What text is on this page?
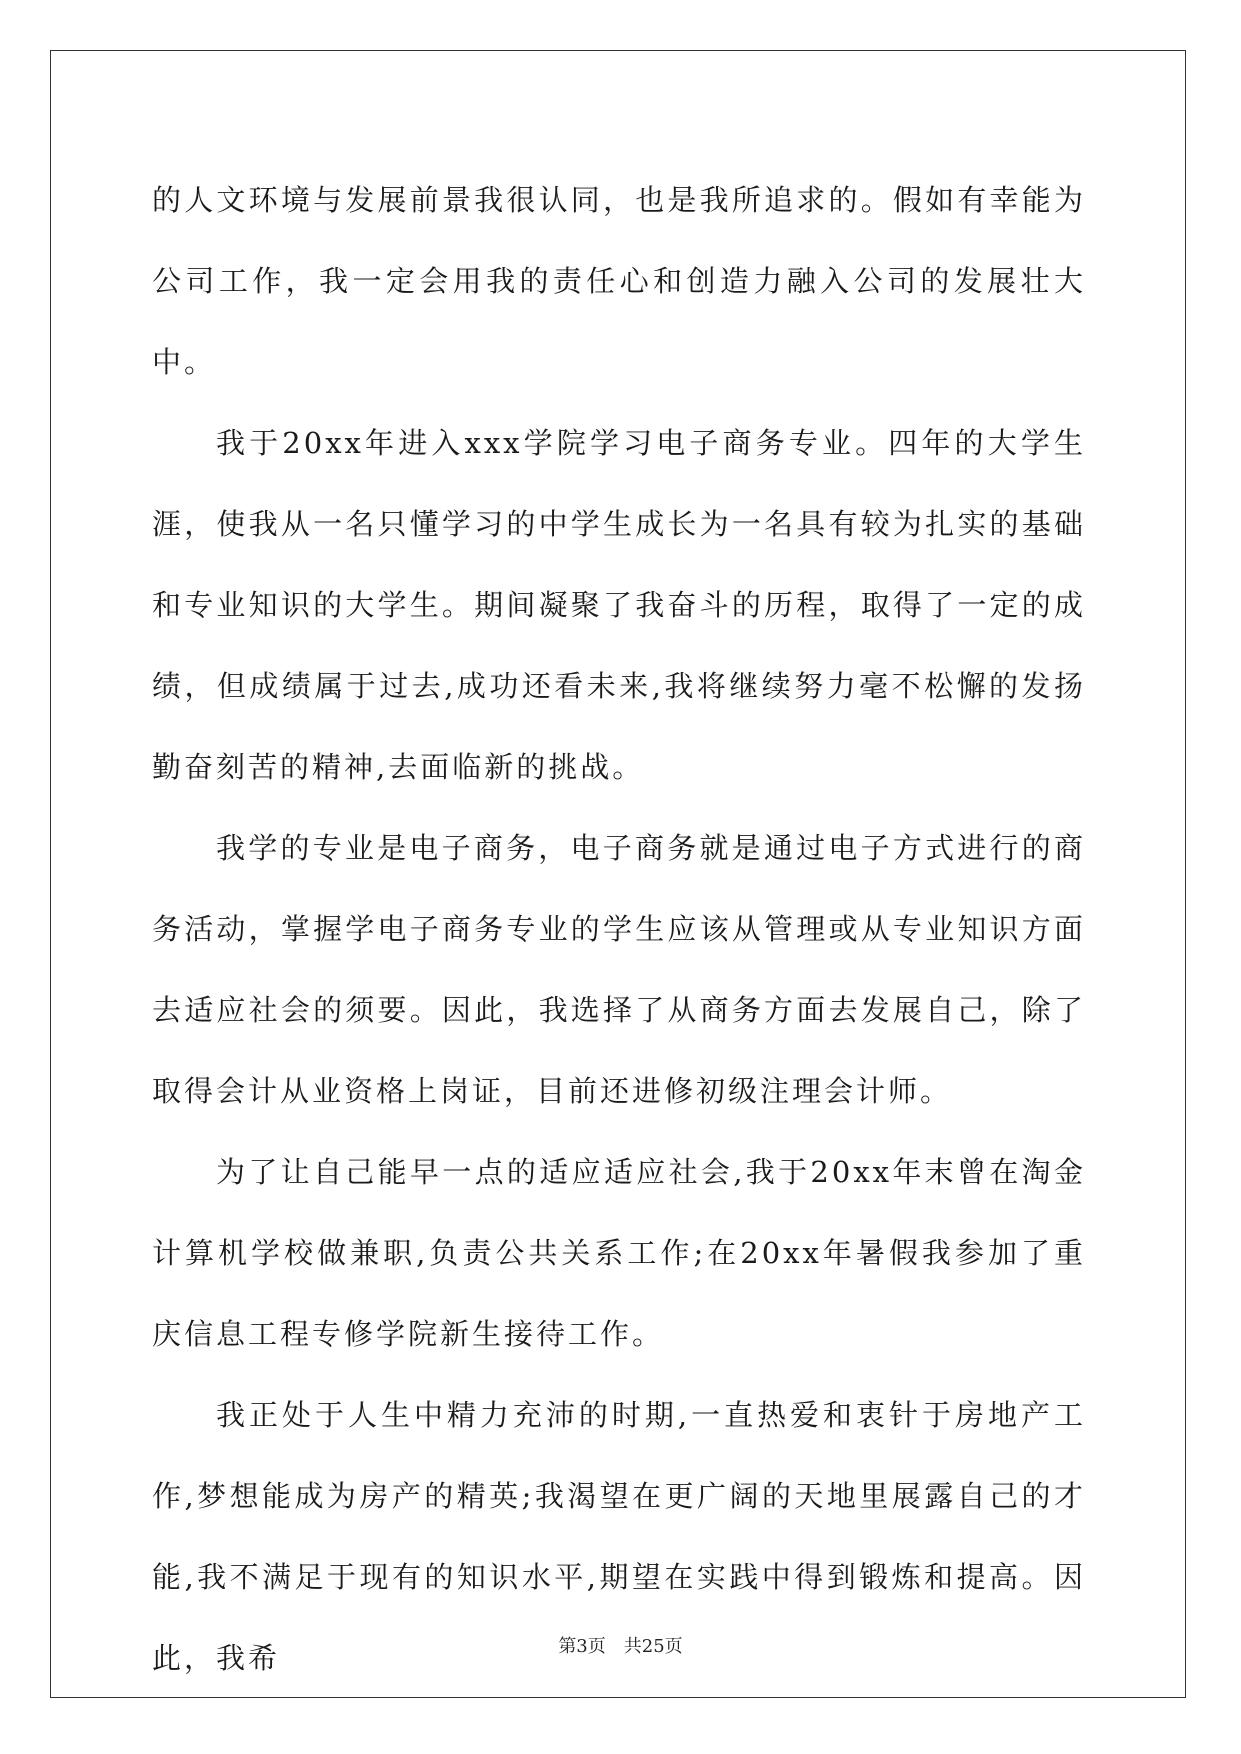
的人文环境与发展前景我很认同，也是我所追求的。假如有幸能为公司工作，我一定会用我的责任心和创造力融入公司的发展壮大中。

我于20xx年进入xxx学院学习电子商务专业。四年的大学生涯，使我从一名只懂学习的中学生成长为一名具有较为扎实的基础和专业知识的大学生。期间凝聚了我奋斗的历程，取得了一定的成绩，但成绩属于过去,成功还看未来,我将继续努力毫不松懈的发扬勤奋刻苦的精神,去面临新的挑战。

我学的专业是电子商务，电子商务就是通过电子方式进行的商务活动，掌握学电子商务专业的学生应该从管理或从专业知识方面去适应社会的须要。因此，我选择了从商务方面去发展自己，除了取得会计从业资格上岗证，目前还进修初级注理会计师。

为了让自己能早一点的适应适应社会,我于20xx年末曾在淘金计算机学校做兼职,负责公共关系工作;在20xx年暑假我参加了重庆信息工程专修学院新生接待工作。

我正处于人生中精力充沛的时期,一直热爱和衷针于房地产工作,梦想能成为房产的精英;我渴望在更广阔的天地里展露自己的才能,我不满足于现有的知识水平,期望在实践中得到锻炼和提高。因此，我希	第3页 共25页
